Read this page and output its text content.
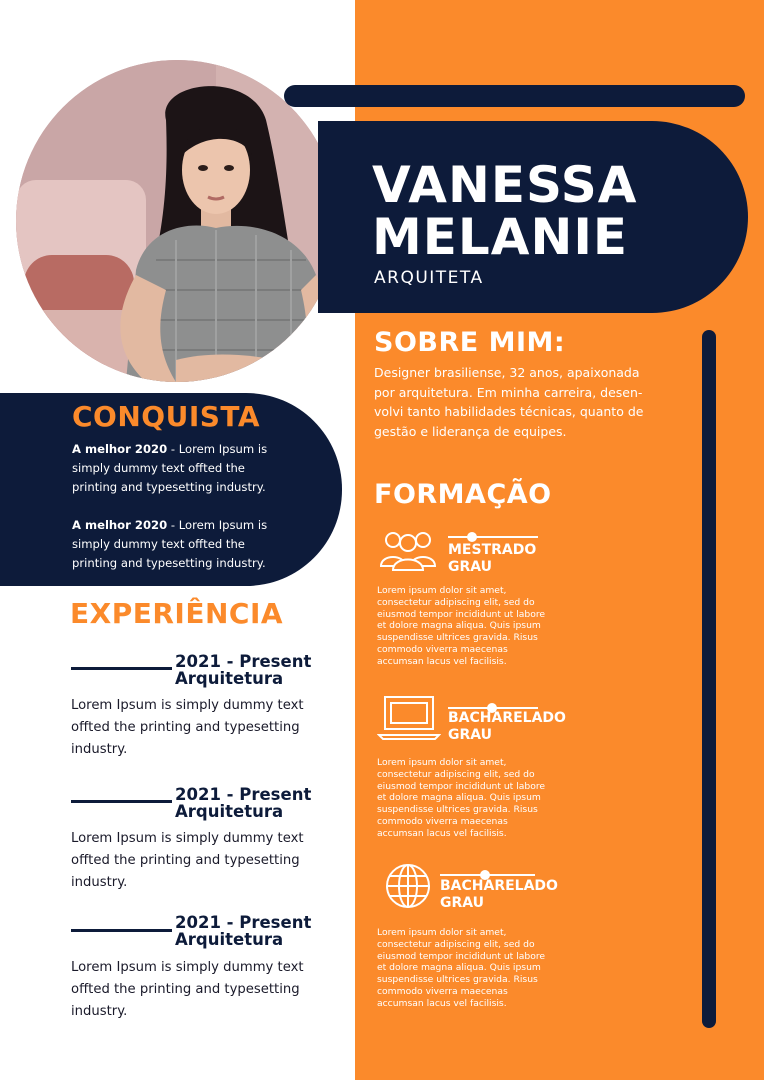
VANESSA
MELANIE
ARQUITETA
SOBRE MIM:
Designer brasiliense, 32 anos, apaixonada por arquitetura. Em minha carreira, desen- volvi tanto habilidades técnicas, quanto de gestão e liderança de equipes.
FORMAÇÃO
MESTRADO
GRAU
Lorem ipsum dolor sit amet, consectetur adipiscing elit, sed do eiusmod tempor incididunt ut labore et dolore magna aliqua. Quis ipsum suspendisse ultrices gravida. Risus commodo viverra maecenas accumsan lacus vel facilisis.
BACHARELADO
GRAU
Lorem ipsum dolor sit amet, consectetur adipiscing elit, sed do eiusmod tempor incididunt ut labore et dolore magna aliqua. Quis ipsum suspendisse ultrices gravida. Risus commodo viverra maecenas accumsan lacus vel facilisis.
BACHARELADO
GRAU
Lorem ipsum dolor sit amet, consectetur adipiscing elit, sed do eiusmod tempor incididunt ut labore et dolore magna aliqua. Quis ipsum suspendisse ultrices gravida. Risus commodo viverra maecenas accumsan lacus vel facilisis.
CONQUISTA
A melhor 2020 - Lorem Ipsum is simply dummy text offted the printing and typesetting industry.
A melhor 2020 - Lorem Ipsum is simply dummy text offted the printing and typesetting industry.
EXPERIÊNCIA
2021 - Present
Arquitetura
Lorem Ipsum is simply dummy text offted the printing and typesetting industry.
2021 - Present
Arquitetura
Lorem Ipsum is simply dummy text offted the printing and typesetting industry.
2021 - Present
Arquitetura
Lorem Ipsum is simply dummy text offted the printing and typesetting industry.
